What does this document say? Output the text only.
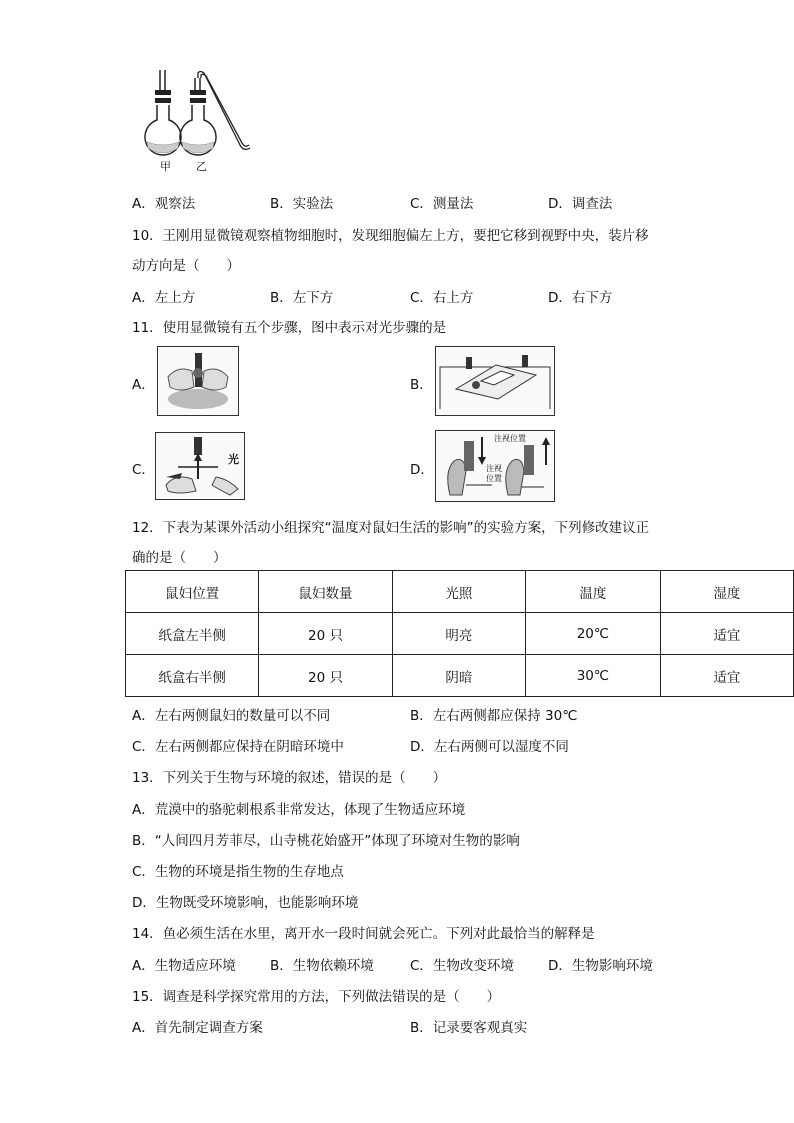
甲 乙
A．观察法	B．实验法	C．测量法	D．调查法
10．王刚用显微镜观察植物细胞时，发现细胞偏左上方，要把它移到视野中央，装片移
动方向是（　　）
A．左上方	B．左下方	C．右上方	D．右下方
11．使用显微镜有五个步骤，图中表示对光步骤的是
A．	B．
C．
光
D．
注视位置
注视
位置
12．下表为某课外活动小组探究“温度对鼠妇生活的影响”的实验方案，下列修改建议正
确的是（　　）
鼠妇位置	鼠妇数量	光照	温度	湿度
纸盒左半侧	20 只	明亮	20℃	适宜
纸盒右半侧	20 只	阴暗	30℃	适宜
A．左右两侧鼠妇的数量可以不同	B．左右两侧都应保持 30℃
C．左右两侧都应保持在阴暗环境中	D．左右两侧可以湿度不同
13．下列关于生物与环境的叙述，错误的是（　　）
A．荒漠中的骆驼刺根系非常发达，体现了生物适应环境
B．“人间四月芳菲尽，山寺桃花始盛开”体现了环境对生物的影响
C．生物的环境是指生物的生存地点
D．生物既受环境影响，也能影响环境
14．鱼必须生活在水里，离开水一段时间就会死亡。下列对此最恰当的解释是
A．生物适应环境	B．生物依赖环境	C．生物改变环境	D．生物影响环境
15．调查是科学探究常用的方法，下列做法错误的是（　　）
A．首先制定调查方案	B．记录要客观真实
